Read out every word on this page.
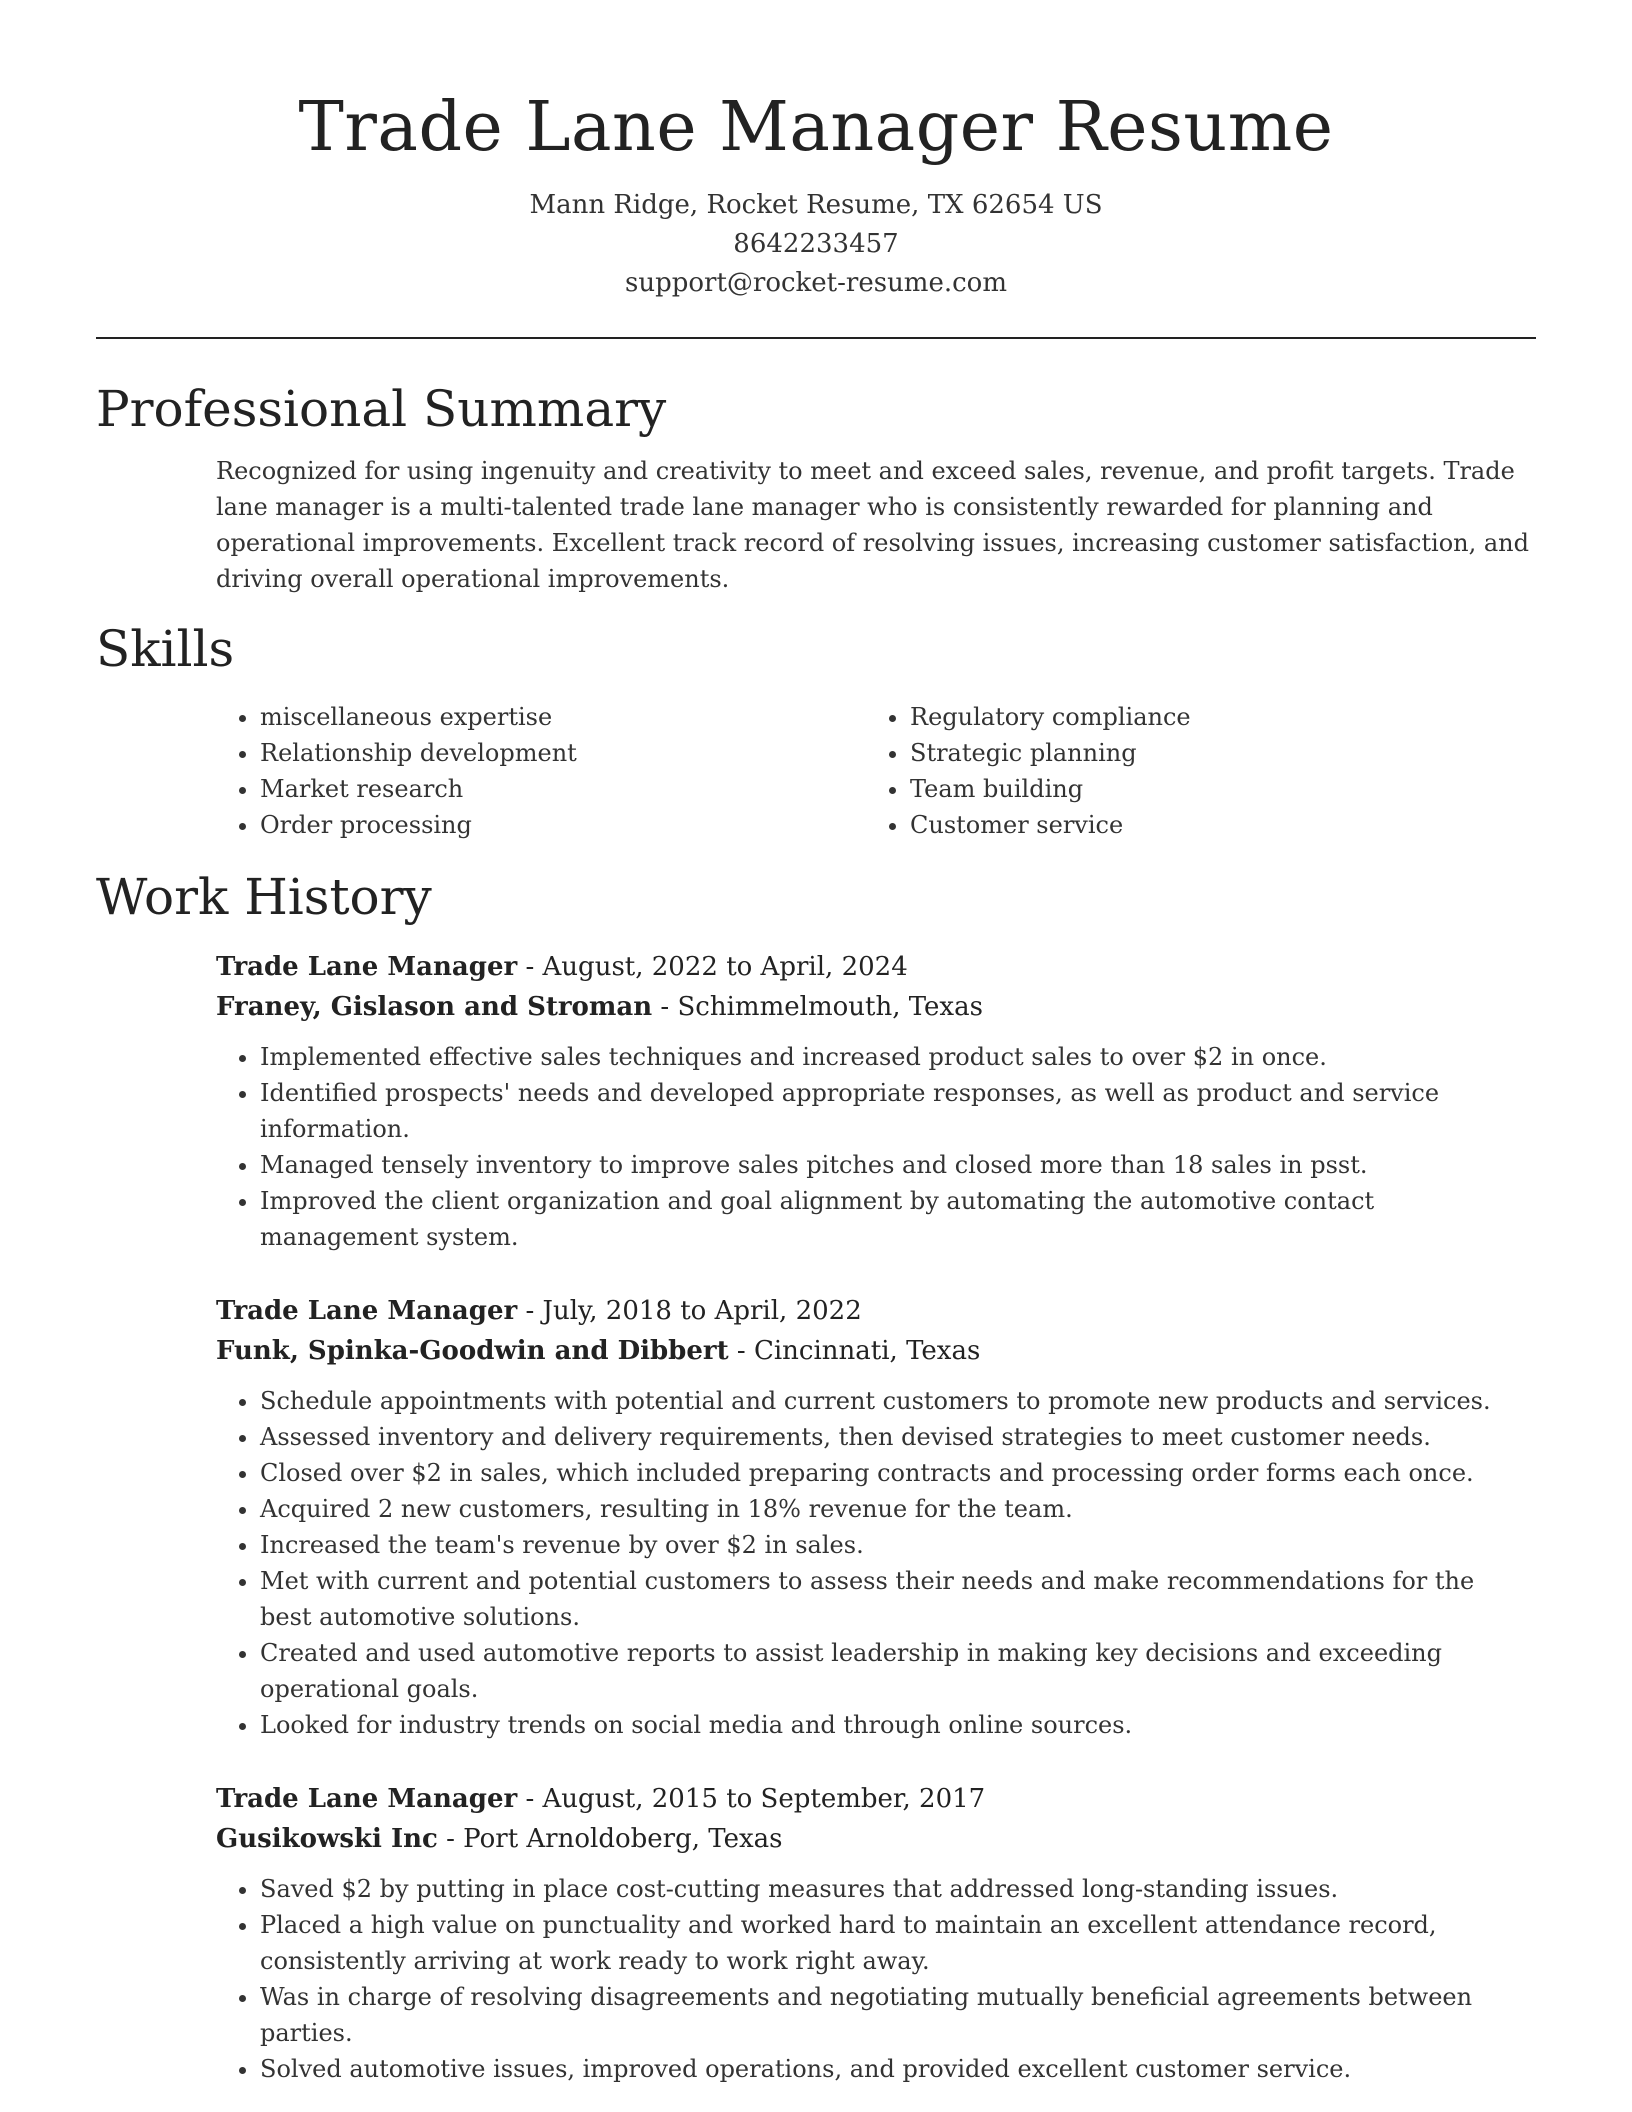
Trade Lane Manager Resume
Mann Ridge, Rocket Resume, TX 62654 US
8642233457
support@rocket-resume.com
Professional Summary

Recognized for using ingenuity and creativity to meet and exceed sales, revenue, and profit targets. Trade lane manager is a multi-talented trade lane manager who is consistently rewarded for planning and operational improvements. Excellent track record of resolving issues, increasing customer satisfaction, and driving overall operational improvements.

Skills
• miscellaneous expertise
• Relationship development
• Market research
• Order processing
• Regulatory compliance
• Strategic planning
• Team building
• Customer service
Work History
Trade Lane Manager - August, 2022 to April, 2024
Franey, Gislason and Stroman - Schimmelmouth, Texas
• Implemented effective sales techniques and increased product sales to over $2 in once.
• Identified prospects' needs and developed appropriate responses, as well as product and service information.
• Managed tensely inventory to improve sales pitches and closed more than 18 sales in psst.
• Improved the client organization and goal alignment by automating the automotive contact management system.
Trade Lane Manager - July, 2018 to April, 2022
Funk, Spinka-Goodwin and Dibbert - Cincinnati, Texas
• Schedule appointments with potential and current customers to promote new products and services.
• Assessed inventory and delivery requirements, then devised strategies to meet customer needs.
• Closed over $2 in sales, which included preparing contracts and processing order forms each once.
• Acquired 2 new customers, resulting in 18% revenue for the team.
• Increased the team's revenue by over $2 in sales.
• Met with current and potential customers to assess their needs and make recommendations for the best automotive solutions.
• Created and used automotive reports to assist leadership in making key decisions and exceeding operational goals.
• Looked for industry trends on social media and through online sources.
Trade Lane Manager - August, 2015 to September, 2017
Gusikowski Inc - Port Arnoldoberg, Texas
• Saved $2 by putting in place cost-cutting measures that addressed long-standing issues.
• Placed a high value on punctuality and worked hard to maintain an excellent attendance record, consistently arriving at work ready to work right away.
• Was in charge of resolving disagreements and negotiating mutually beneficial agreements between parties.
• Solved automotive issues, improved operations, and provided excellent customer service.
